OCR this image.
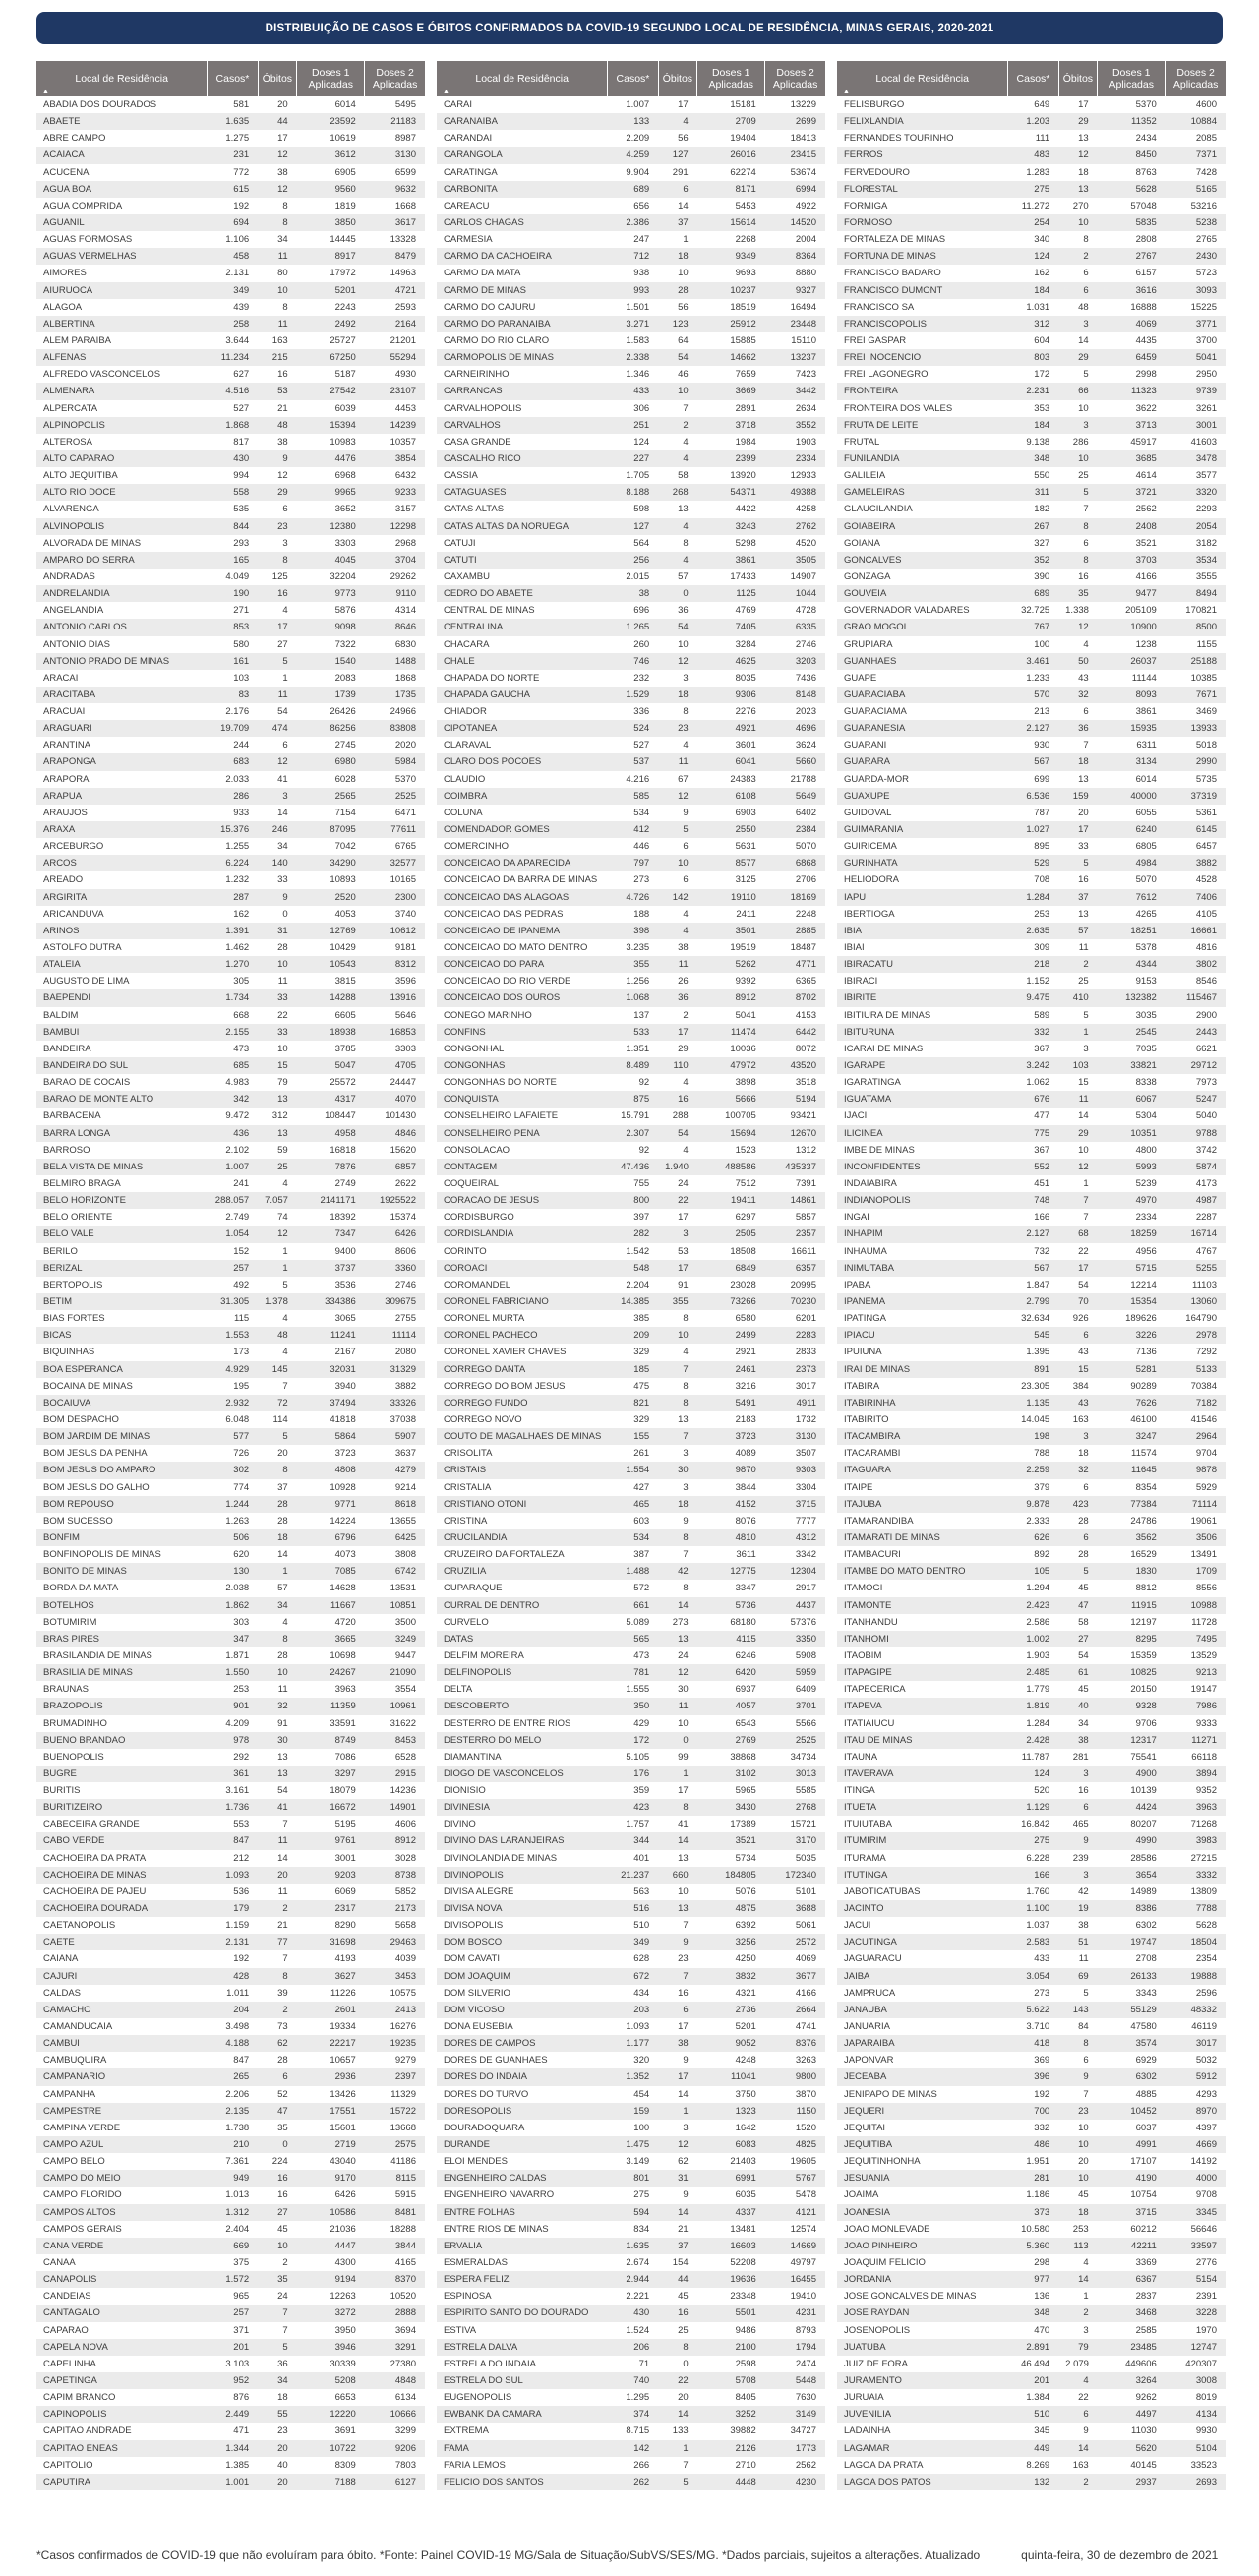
DISTRIBUIÇÃO DE CASOS E ÓBITOS CONFIRMADOS DA COVID-19 SEGUNDO LOCAL DE RESIDÊNCIA, MINAS GERAIS, 2020-2021
Local de Residência
▲	Casos*	Óbitos	Doses 1 Aplicadas	Doses 2 Aplicadas
ABADIA DOS DOURADOS	581	20	6014	5495
ABAETE	1.635	44	23592	21183
ABRE CAMPO	1.275	17	10619	8987
ACAIACA	231	12	3612	3130
ACUCENA	772	38	6905	6599
AGUA BOA	615	12	9560	9632
AGUA COMPRIDA	192	8	1819	1668
AGUANIL	694	8	3850	3617
AGUAS FORMOSAS	1.106	34	14445	13328
AGUAS VERMELHAS	458	11	8917	8479
AIMORES	2.131	80	17972	14963
AIURUOCA	349	10	5201	4721
ALAGOA	439	8	2243	2593
ALBERTINA	258	11	2492	2164
ALEM PARAIBA	3.644	163	25727	21201
ALFENAS	11.234	215	67250	55294
ALFREDO VASCONCELOS	627	16	5187	4930
ALMENARA	4.516	53	27542	23107
ALPERCATA	527	21	6039	4453
ALPINOPOLIS	1.868	48	15394	14239
ALTEROSA	817	38	10983	10357
ALTO CAPARAO	430	9	4476	3854
ALTO JEQUITIBA	994	12	6968	6432
ALTO RIO DOCE	558	29	9965	9233
ALVARENGA	535	6	3652	3157
ALVINOPOLIS	844	23	12380	12298
ALVORADA DE MINAS	293	3	3303	2968
AMPARO DO SERRA	165	8	4045	3704
ANDRADAS	4.049	125	32204	29262
ANDRELANDIA	190	16	9773	9110
ANGELANDIA	271	4	5876	4314
ANTONIO CARLOS	853	17	9098	8646
ANTONIO DIAS	580	27	7322	6830
ANTONIO PRADO DE MINAS	161	5	1540	1488
ARACAI	103	1	2083	1868
ARACITABA	83	11	1739	1735
ARACUAI	2.176	54	26426	24966
ARAGUARI	19.709	474	86256	83808
ARANTINA	244	6	2745	2020
ARAPONGA	683	12	6980	5984
ARAPORA	2.033	41	6028	5370
ARAPUA	286	3	2565	2525
ARAUJOS	933	14	7154	6471
ARAXA	15.376	246	87095	77611
ARCEBURGO	1.255	34	7042	6765
ARCOS	6.224	140	34290	32577
AREADO	1.232	33	10893	10165
ARGIRITA	287	9	2520	2300
ARICANDUVA	162	0	4053	3740
ARINOS	1.391	31	12769	10612
ASTOLFO DUTRA	1.462	28	10429	9181
ATALEIA	1.270	10	10543	8312
AUGUSTO DE LIMA	305	11	3815	3596
BAEPENDI	1.734	33	14288	13916
BALDIM	668	22	6605	5646
BAMBUI	2.155	33	18938	16853
BANDEIRA	473	10	3785	3303
BANDEIRA DO SUL	685	15	5047	4705
BARAO DE COCAIS	4.983	79	25572	24447
BARAO DE MONTE ALTO	342	13	4317	4070
BARBACENA	9.472	312	108447	101430
BARRA LONGA	436	13	4958	4846
BARROSO	2.102	59	16818	15620
BELA VISTA DE MINAS	1.007	25	7876	6857
BELMIRO BRAGA	241	4	2749	2622
BELO HORIZONTE	288.057	7.057	2141171	1925522
BELO ORIENTE	2.749	74	18392	15374
BELO VALE	1.054	12	7347	6426
BERILO	152	1	9400	8606
BERIZAL	257	1	3737	3360
BERTOPOLIS	492	5	3536	2746
BETIM	31.305	1.378	334386	309675
BIAS FORTES	115	4	3065	2755
BICAS	1.553	48	11241	11114
BIQUINHAS	173	4	2167	2080
BOA ESPERANCA	4.929	145	32031	31329
BOCAINA DE MINAS	195	7	3940	3882
BOCAIUVA	2.932	72	37494	33326
BOM DESPACHO	6.048	114	41818	37038
BOM JARDIM DE MINAS	577	5	5864	5907
BOM JESUS DA PENHA	726	20	3723	3637
BOM JESUS DO AMPARO	302	8	4808	4279
BOM JESUS DO GALHO	774	37	10928	9214
BOM REPOUSO	1.244	28	9771	8618
BOM SUCESSO	1.263	28	14224	13655
BONFIM	506	18	6796	6425
BONFINOPOLIS DE MINAS	620	14	4073	3808
BONITO DE MINAS	130	1	7085	6742
BORDA DA MATA	2.038	57	14628	13531
BOTELHOS	1.862	34	11667	10851
BOTUMIRIM	303	4	4720	3500
BRAS PIRES	347	8	3665	3249
BRASILANDIA DE MINAS	1.871	28	10698	9447
BRASILIA DE MINAS	1.550	10	24267	21090
BRAUNAS	253	11	3963	3554
BRAZOPOLIS	901	32	11359	10961
BRUMADINHO	4.209	91	33591	31622
BUENO BRANDAO	978	30	8749	8453
BUENOPOLIS	292	13	7086	6528
BUGRE	361	13	3297	2915
BURITIS	3.161	54	18079	14236
BURITIZEIRO	1.736	41	16672	14901
CABECEIRA GRANDE	553	7	5195	4606
CABO VERDE	847	11	9761	8912
CACHOEIRA DA PRATA	212	14	3001	3028
CACHOEIRA DE MINAS	1.093	20	9203	8738
CACHOEIRA DE PAJEU	536	11	6069	5852
CACHOEIRA DOURADA	179	2	2317	2173
CAETANOPOLIS	1.159	21	8290	5658
CAETE	2.131	77	31698	29463
CAIANA	192	7	4193	4039
CAJURI	428	8	3627	3453
CALDAS	1.011	39	11226	10575
CAMACHO	204	2	2601	2413
CAMANDUCAIA	3.498	73	19334	16276
CAMBUI	4.188	62	22217	19235
CAMBUQUIRA	847	28	10657	9279
CAMPANARIO	265	6	2936	2397
CAMPANHA	2.206	52	13426	11329
CAMPESTRE	2.135	47	17551	15722
CAMPINA VERDE	1.738	35	15601	13668
CAMPO AZUL	210	0	2719	2575
CAMPO BELO	7.361	224	43040	41186
CAMPO DO MEIO	949	16	9170	8115
CAMPO FLORIDO	1.013	16	6426	5915
CAMPOS ALTOS	1.312	27	10586	8481
CAMPOS GERAIS	2.404	45	21036	18288
CANA VERDE	669	10	4447	3844
CANAA	375	2	4300	4165
CANAPOLIS	1.572	35	9194	8370
CANDEIAS	965	24	12263	10520
CANTAGALO	257	7	3272	2888
CAPARAO	371	7	3950	3694
CAPELA NOVA	201	5	3946	3291
CAPELINHA	3.103	36	30339	27380
CAPETINGA	952	34	5208	4848
CAPIM BRANCO	876	18	6653	6134
CAPINOPOLIS	2.449	55	12220	10666
CAPITAO ANDRADE	471	23	3691	3299
CAPITAO ENEAS	1.344	20	10722	9206
CAPITOLIO	1.385	40	8309	7803
CAPUTIRA	1.001	20	7188	6127
Local de Residência
▲	Casos*	Óbitos	Doses 1 Aplicadas	Doses 2 Aplicadas
CARAI	1.007	17	15181	13229
CARANAIBA	133	4	2709	2699
CARANDAI	2.209	56	19404	18413
CARANGOLA	4.259	127	26016	23415
CARATINGA	9.904	291	62274	53674
CARBONITA	689	6	8171	6994
CAREACU	656	14	5453	4922
CARLOS CHAGAS	2.386	37	15614	14520
CARMESIA	247	1	2268	2004
CARMO DA CACHOEIRA	712	18	9349	8364
CARMO DA MATA	938	10	9693	8880
CARMO DE MINAS	993	28	10237	9327
CARMO DO CAJURU	1.501	56	18519	16494
CARMO DO PARANAIBA	3.271	123	25912	23448
CARMO DO RIO CLARO	1.583	64	15885	15110
CARMOPOLIS DE MINAS	2.338	54	14662	13237
CARNEIRINHO	1.346	46	7659	7423
CARRANCAS	433	10	3669	3442
CARVALHOPOLIS	306	7	2891	2634
CARVALHOS	251	2	3718	3552
CASA GRANDE	124	4	1984	1903
CASCALHO RICO	227	4	2399	2334
CASSIA	1.705	58	13920	12933
CATAGUASES	8.188	268	54371	49388
CATAS ALTAS	598	13	4422	4258
CATAS ALTAS DA NORUEGA	127	4	3243	2762
CATUJI	564	8	5298	4520
CATUTI	256	4	3861	3505
CAXAMBU	2.015	57	17433	14907
CEDRO DO ABAETE	38	0	1125	1044
CENTRAL DE MINAS	696	36	4769	4728
CENTRALINA	1.265	54	7405	6335
CHACARA	260	10	3284	2746
CHALE	746	12	4625	3203
CHAPADA DO NORTE	232	3	8035	7436
CHAPADA GAUCHA	1.529	18	9306	8148
CHIADOR	336	8	2276	2023
CIPOTANEA	524	23	4921	4696
CLARAVAL	527	4	3601	3624
CLARO DOS POCOES	537	11	6041	5660
CLAUDIO	4.216	67	24383	21788
COIMBRA	585	12	6108	5649
COLUNA	534	9	6903	6402
COMENDADOR GOMES	412	5	2550	2384
COMERCINHO	446	6	5631	5070
CONCEICAO DA APARECIDA	797	10	8577	6868
CONCEICAO DA BARRA DE MINAS	273	6	3125	2706
CONCEICAO DAS ALAGOAS	4.726	142	19110	18169
CONCEICAO DAS PEDRAS	188	4	2411	2248
CONCEICAO DE IPANEMA	398	4	3501	2885
CONCEICAO DO MATO DENTRO	3.235	38	19519	18487
CONCEICAO DO PARA	355	11	5262	4771
CONCEICAO DO RIO VERDE	1.256	26	9392	6365
CONCEICAO DOS OUROS	1.068	36	8912	8702
CONEGO MARINHO	137	2	5041	4153
CONFINS	533	17	11474	6442
CONGONHAL	1.351	29	10036	8072
CONGONHAS	8.489	110	47972	43520
CONGONHAS DO NORTE	92	4	3898	3518
CONQUISTA	875	16	5666	5194
CONSELHEIRO LAFAIETE	15.791	288	100705	93421
CONSELHEIRO PENA	2.307	54	15694	12670
CONSOLACAO	92	4	1523	1312
CONTAGEM	47.436	1.940	488586	435337
COQUEIRAL	755	24	7512	7391
CORACAO DE JESUS	800	22	19411	14861
CORDISBURGO	397	17	6297	5857
CORDISLANDIA	282	3	2505	2357
CORINTO	1.542	53	18508	16611
COROACI	548	17	6849	6357
COROMANDEL	2.204	91	23028	20995
CORONEL FABRICIANO	14.385	355	73266	70230
CORONEL MURTA	385	8	6580	6201
CORONEL PACHECO	209	10	2499	2283
CORONEL XAVIER CHAVES	329	4	2921	2833
CORREGO DANTA	185	7	2461	2373
CORREGO DO BOM JESUS	475	8	3216	3017
CORREGO FUNDO	821	8	5491	4911
CORREGO NOVO	329	13	2183	1732
COUTO DE MAGALHAES DE MINAS	155	7	3723	3130
CRISOLITA	261	3	4089	3507
CRISTAIS	1.554	30	9870	9303
CRISTALIA	427	3	3844	3304
CRISTIANO OTONI	465	18	4152	3715
CRISTINA	603	9	8076	7777
CRUCILANDIA	534	8	4810	4312
CRUZEIRO DA FORTALEZA	387	7	3611	3342
CRUZILIA	1.488	42	12775	12304
CUPARAQUE	572	8	3347	2917
CURRAL DE DENTRO	661	14	5736	4437
CURVELO	5.089	273	68180	57376
DATAS	565	13	4115	3350
DELFIM MOREIRA	473	24	6246	5908
DELFINOPOLIS	781	12	6420	5959
DELTA	1.555	30	6937	6409
DESCOBERTO	350	11	4057	3701
DESTERRO DE ENTRE RIOS	429	10	6543	5566
DESTERRO DO MELO	172	0	2769	2525
DIAMANTINA	5.105	99	38868	34734
DIOGO DE VASCONCELOS	176	1	3102	3013
DIONISIO	359	17	5965	5585
DIVINESIA	423	8	3430	2768
DIVINO	1.757	41	17389	15721
DIVINO DAS LARANJEIRAS	344	14	3521	3170
DIVINOLANDIA DE MINAS	401	13	5734	5035
DIVINOPOLIS	21.237	660	184805	172340
DIVISA ALEGRE	563	10	5076	5101
DIVISA NOVA	516	13	4875	3688
DIVISOPOLIS	510	7	6392	5061
DOM BOSCO	349	9	3256	2572
DOM CAVATI	628	23	4250	4069
DOM JOAQUIM	672	7	3832	3677
DOM SILVERIO	434	16	4321	4166
DOM VICOSO	203	6	2736	2664
DONA EUSEBIA	1.093	17	5201	4741
DORES DE CAMPOS	1.177	38	9052	8376
DORES DE GUANHAES	320	9	4248	3263
DORES DO INDAIA	1.352	17	11041	9800
DORES DO TURVO	454	14	3750	3870
DORESOPOLIS	159	1	1323	1150
DOURADOQUARA	100	3	1642	1520
DURANDE	1.475	12	6083	4825
ELOI MENDES	3.149	62	21403	19605
ENGENHEIRO CALDAS	801	31	6991	5767
ENGENHEIRO NAVARRO	275	9	6035	5478
ENTRE FOLHAS	594	14	4337	4121
ENTRE RIOS DE MINAS	834	21	13481	12574
ERVALIA	1.635	37	16603	14669
ESMERALDAS	2.674	154	52208	49797
ESPERA FELIZ	2.944	44	19636	16455
ESPINOSA	2.221	45	23348	19410
ESPIRITO SANTO DO DOURADO	430	16	5501	4231
ESTIVA	1.524	25	9486	8793
ESTRELA DALVA	206	8	2100	1794
ESTRELA DO INDAIA	71	0	2598	2474
ESTRELA DO SUL	740	22	5708	5448
EUGENOPOLIS	1.295	20	8405	7630
EWBANK DA CAMARA	374	14	3252	3149
EXTREMA	8.715	133	39882	34727
FAMA	142	1	2126	1773
FARIA LEMOS	266	7	2710	2562
FELICIO DOS SANTOS	262	5	4448	4230
Local de Residência
▲	Casos*	Óbitos	Doses 1 Aplicadas	Doses 2 Aplicadas
FELISBURGO	649	17	5370	4600
FELIXLANDIA	1.203	29	11352	10884
FERNANDES TOURINHO	111	13	2434	2085
FERROS	483	12	8450	7371
FERVEDOURO	1.283	18	8763	7428
FLORESTAL	275	13	5628	5165
FORMIGA	11.272	270	57048	53216
FORMOSO	254	10	5835	5238
FORTALEZA DE MINAS	340	8	2808	2765
FORTUNA DE MINAS	124	2	2767	2430
FRANCISCO BADARO	162	6	6157	5723
FRANCISCO DUMONT	184	6	3616	3093
FRANCISCO SA	1.031	48	16888	15225
FRANCISCOPOLIS	312	3	4069	3771
FREI GASPAR	604	14	4435	3700
FREI INOCENCIO	803	29	6459	5041
FREI LAGONEGRO	172	5	2998	2950
FRONTEIRA	2.231	66	11323	9739
FRONTEIRA DOS VALES	353	10	3622	3261
FRUTA DE LEITE	184	3	3713	3001
FRUTAL	9.138	286	45917	41603
FUNILANDIA	348	10	3685	3478
GALILEIA	550	25	4614	3577
GAMELEIRAS	311	5	3721	3320
GLAUCILANDIA	182	7	2562	2293
GOIABEIRA	267	8	2408	2054
GOIANA	327	6	3521	3182
GONCALVES	352	8	3703	3534
GONZAGA	390	16	4166	3555
GOUVEIA	689	35	9477	8494
GOVERNADOR VALADARES	32.725	1.338	205109	170821
GRAO MOGOL	767	12	10900	8500
GRUPIARA	100	4	1238	1155
GUANHAES	3.461	50	26037	25188
GUAPE	1.233	43	11144	10385
GUARACIABA	570	32	8093	7671
GUARACIAMA	213	6	3861	3469
GUARANESIA	2.127	36	15935	13933
GUARANI	930	7	6311	5018
GUARARA	567	18	3134	2990
GUARDA-MOR	699	13	6014	5735
GUAXUPE	6.536	159	40000	37319
GUIDOVAL	787	20	6055	5361
GUIMARANIA	1.027	17	6240	6145
GUIRICEMA	895	33	6805	6457
GURINHATA	529	5	4984	3882
HELIODORA	708	16	5070	4528
IAPU	1.284	37	7612	7406
IBERTIOGA	253	13	4265	4105
IBIA	2.635	57	18251	16661
IBIAI	309	11	5378	4816
IBIRACATU	218	2	4344	3802
IBIRACI	1.152	25	9153	8546
IBIRITE	9.475	410	132382	115467
IBITIURA DE MINAS	589	5	3035	2900
IBITURUNA	332	1	2545	2443
ICARAI DE MINAS	367	3	7035	6621
IGARAPE	3.242	103	33821	29712
IGARATINGA	1.062	15	8338	7973
IGUATAMA	676	11	6067	5247
IJACI	477	14	5304	5040
ILICINEA	775	29	10351	9788
IMBE DE MINAS	367	10	4800	3742
INCONFIDENTES	552	12	5993	5874
INDAIABIRA	451	1	5239	4173
INDIANOPOLIS	748	7	4970	4987
INGAI	166	7	2334	2287
INHAPIM	2.127	68	18259	16714
INHAUMA	732	22	4956	4767
INIMUTABA	567	17	5715	5255
IPABA	1.847	54	12214	11103
IPANEMA	2.799	70	15354	13060
IPATINGA	32.634	926	189626	164790
IPIACU	545	6	3226	2978
IPUIUNA	1.395	43	7136	7292
IRAI DE MINAS	891	15	5281	5133
ITABIRA	23.305	384	90289	70384
ITABIRINHA	1.135	43	7626	7182
ITABIRITO	14.045	163	46100	41546
ITACAMBIRA	198	3	3247	2964
ITACARAMBI	788	18	11574	9704
ITAGUARA	2.259	32	11645	9878
ITAIPE	379	6	8354	5929
ITAJUBA	9.878	423	77384	71114
ITAMARANDIBA	2.333	28	24786	19061
ITAMARATI DE MINAS	626	6	3562	3506
ITAMBACURI	892	28	16529	13491
ITAMBE DO MATO DENTRO	105	5	1830	1709
ITAMOGI	1.294	45	8812	8556
ITAMONTE	2.423	47	11915	10988
ITANHANDU	2.586	58	12197	11728
ITANHOMI	1.002	27	8295	7495
ITAOBIM	1.903	54	15359	13529
ITAPAGIPE	2.485	61	10825	9213
ITAPECERICA	1.779	45	20150	19147
ITAPEVA	1.819	40	9328	7986
ITATIAIUCU	1.284	34	9706	9333
ITAU DE MINAS	2.428	38	12317	11271
ITAUNA	11.787	281	75541	66118
ITAVERAVA	124	3	4900	3894
ITINGA	520	16	10139	9352
ITUETA	1.129	6	4424	3963
ITUIUTABA	16.842	465	80207	71268
ITUMIRIM	275	9	4990	3983
ITURAMA	6.228	239	28586	27215
ITUTINGA	166	3	3654	3332
JABOTICATUBAS	1.760	42	14989	13809
JACINTO	1.100	19	8386	7788
JACUI	1.037	38	6302	5628
JACUTINGA	2.583	51	19747	18504
JAGUARACU	433	11	2708	2354
JAIBA	3.054	69	26133	19888
JAMPRUCA	273	5	3343	2596
JANAUBA	5.622	143	55129	48332
JANUARIA	3.710	84	47580	46119
JAPARAIBA	418	8	3574	3017
JAPONVAR	369	6	6929	5032
JECEABA	396	9	6302	5912
JENIPAPO DE MINAS	192	7	4885	4293
JEQUERI	700	23	10452	8970
JEQUITAI	332	10	6037	4397
JEQUITIBA	486	10	4991	4669
JEQUITINHONHA	1.951	20	17107	14192
JESUANIA	281	10	4190	4000
JOAIMA	1.186	45	10754	9708
JOANESIA	373	18	3715	3345
JOAO MONLEVADE	10.580	253	60212	56646
JOAO PINHEIRO	5.360	113	42211	33597
JOAQUIM FELICIO	298	4	3369	2776
JORDANIA	977	14	6367	5154
JOSE GONCALVES DE MINAS	136	1	2837	2391
JOSE RAYDAN	348	2	3468	3228
JOSENOPOLIS	470	3	2585	1970
JUATUBA	2.891	79	23485	12747
JUIZ DE FORA	46.494	2.079	449606	420307
JURAMENTO	201	4	3264	3008
JURUAIA	1.384	22	9262	8019
JUVENILIA	510	6	4497	4134
LADAINHA	345	9	11030	9930
LAGAMAR	449	14	5620	5104
LAGOA DA PRATA	8.269	163	40145	33523
LAGOA DOS PATOS	132	2	2937	2693
*Casos confirmados de COVID-19 que não evoluíram para óbito. *Fonte: Painel COVID-19 MG/Sala de Situação/SubVS/SES/MG. *Dados parciais, sujeitos a alterações. Atualizado	quinta-feira, 30 de dezembro de 2021
